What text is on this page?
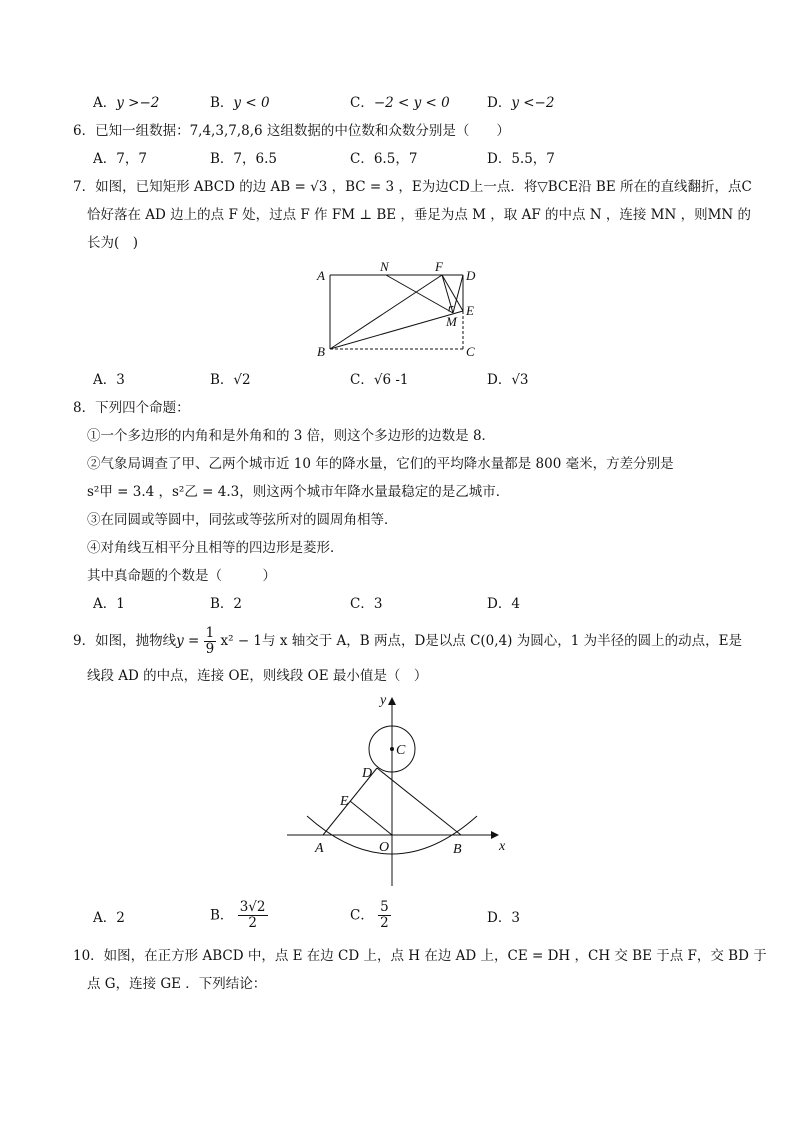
A．y >−2	B．y < 0	C．−2 < y < 0	D．y <−2
6．已知一组数据：7,4,3,7,8,6 这组数据的中位数和众数分别是（　　）
A．7，7	B．7，6.5	C．6.5，7	D．5.5，7
7．如图，已知矩形 ABCD 的边 AB = √3 ，BC = 3 ，E为边CD上一点．将▽BCE沿 BE 所在的直线翻折，点C
恰好落在 AD 边上的点 F 处，过点 F 作 FM ⊥ BE ，垂足为点 M ，取 AF 的中点 N ，连接 MN ，则MN 的
长为(　)
A
N	F
D
E
M
B	C
A．3	B．√2	C．√6 -1	D．√3
8．下列四个命题：
①一个多边形的内角和是外角和的 3 倍，则这个多边形的边数是 8．
②气象局调查了甲、乙两个城市近 10 年的降水量，它们的平均降水量都是 800 毫米，方差分别是
s²甲 = 3.4 ，s²乙 = 4.3，则这两个城市年降水量最稳定的是乙城市．
③在同圆或等圆中，同弦或等弦所对的圆周角相等．
④对角线互相平分且相等的四边形是菱形．
其中真命题的个数是（　　　）
A．1	B．2	C．3	D．4
9．如图，抛物线$y = \frac{1}{9} x^2 - 1$与 x 轴交于 A，B 两点，D是以点 C(0,4) 为圆心，1 为半径的圆上的动点，E是
线段 AD 的中点，连接 OE，则线段 OE 最小值是（　）
y
x
C
D
E
A	O	B
A．2	B． $\frac{3√2}{2}$	C． $\frac{5}{2}$	D．3
10．如图，在正方形 ABCD 中，点 E 在边 CD 上，点 H 在边 AD 上，CE = DH ，CH 交 BE 于点 F，交 BD 于
点 G，连接 GE ．下列结论：
